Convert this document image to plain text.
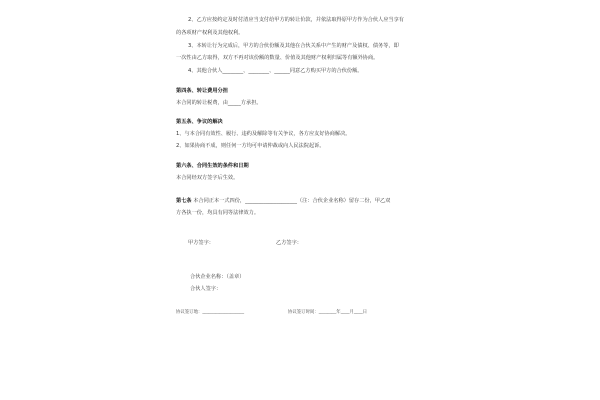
2、乙方应按约定及时付清应当支付给甲方的转让价款，并依法取得原甲方作为合伙人应当享有
的各项财产权利及其他权利。
3、本转让行为完成后，甲方的合伙份额及其他在合伙关系中产生的财产及债权、债务等，即
一次性由乙方取得，双方不再对该份额的数量、价值及其他财产权利归属等有额外协商。
4、其他合伙人________、________、______同意乙方购买甲方的合伙份额。
第四条、转让费用分担
本合同的转让税费，由_____方承担。
第五条、争议的解决
1、与本合同有效性、履行、违约及解除等有关争议，各方应友好协商解决。
2、如果协商不成，则任何一方均可申请仲裁或向人民法院起诉。
第六条、合同生效的条件和日期
本合同经双方签字后生效。
第七条 本合同正本一式四份，____________________（注：合伙企业名称）留存二份，甲乙双
方各执一份，均具有同等法律效力。
甲方签字：	乙方签字：
合伙企业名称：（盖章）
合伙人签字：
协议签订地：___________________	协议签订时间：________年____月____日
